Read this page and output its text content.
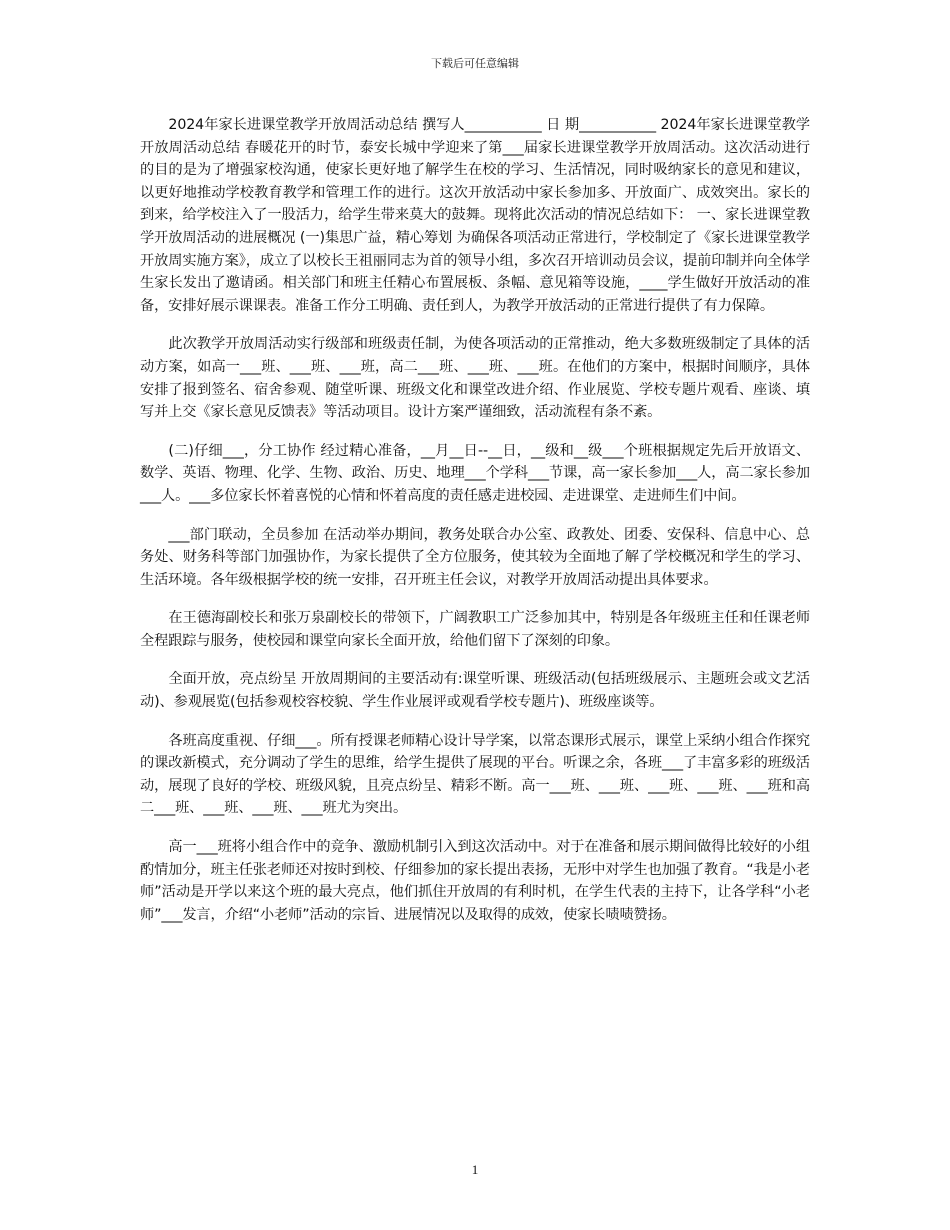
下载后可任意编辑

2024年家长进课堂教学开放周活动总结 撰写人___________ 日 期___________ 2024年家长进课堂教学开放周活动总结 春暖花开的时节，泰安长城中学迎来了第___届家长进课堂教学开放周活动。这次活动进行的目的是为了增强家校沟通，使家长更好地了解学生在校的学习、生活情况，同时吸纳家长的意见和建议，以更好地推动学校教育教学和管理工作的进行。这次开放活动中家长参加多、开放面广、成效突出。家长的到来，给学校注入了一股活力，给学生带来莫大的鼓舞。现将此次活动的情况总结如下： 一、家长进课堂教学开放周活动的进展概况 (一)集思广益，精心筹划 为确保各项活动正常进行，学校制定了《家长进课堂教学开放周实施方案》，成立了以校长王祖丽同志为首的领导小组，多次召开培训动员会议，提前印制并向全体学生家长发出了邀请函。相关部门和班主任精心布置展板、条幅、意见箱等设施，____学生做好开放活动的准备，安排好展示课课表。准备工作分工明确、责任到人，为教学开放活动的正常进行提供了有力保障。

此次教学开放周活动实行级部和班级责任制，为使各项活动的正常推动，绝大多数班级制定了具体的活动方案，如高一___班、___班、___班，高二___班、___班、___班。在他们的方案中，根据时间顺序，具体安排了报到签名、宿舍参观、随堂听课、班级文化和课堂改进介绍、作业展览、学校专题片观看、座谈、填写并上交《家长意见反馈表》等活动项目。设计方案严谨细致，活动流程有条不紊。

(二)仔细___，分工协作 经过精心准备，__月__日--__日，__级和__级___个班根据规定先后开放语文、数学、英语、物理、化学、生物、政治、历史、地理___个学科___节课，高一家长参加___人，高二家长参加___人。___多位家长怀着喜悦的心情和怀着高度的责任感走进校园、走进课堂、走进师生们中间。

___部门联动，全员参加 在活动举办期间，教务处联合办公室、政教处、团委、安保科、信息中心、总务处、财务科等部门加强协作，为家长提供了全方位服务，使其较为全面地了解了学校概况和学生的学习、生活环境。各年级根据学校的统一安排，召开班主任会议，对教学开放周活动提出具体要求。

在王德海副校长和张万泉副校长的带领下，广阔教职工广泛参加其中，特别是各年级班主任和任课老师全程跟踪与服务，使校园和课堂向家长全面开放，给他们留下了深刻的印象。

全面开放，亮点纷呈 开放周期间的主要活动有:课堂听课、班级活动(包括班级展示、主题班会或文艺活动)、参观展览(包括参观校容校貌、学生作业展评或观看学校专题片)、班级座谈等。

各班高度重视、仔细___。所有授课老师精心设计导学案，以常态课形式展示，课堂上采纳小组合作探究的课改新模式，充分调动了学生的思维，给学生提供了展现的平台。听课之余，各班___了丰富多彩的班级活动，展现了良好的学校、班级风貌，且亮点纷呈、精彩不断。高一___班、___班、___班、___班、___班和高二___班、___班、___班、___班尤为突出。

高一___班将小组合作中的竞争、激励机制引入到这次活动中。对于在准备和展示期间做得比较好的小组酌情加分，班主任张老师还对按时到校、仔细参加的家长提出表扬，无形中对学生也加强了教育。“我是小老师”活动是开学以来这个班的最大亮点，他们抓住开放周的有利时机，在学生代表的主持下，让各学科“小老师”___发言，介绍“小老师”活动的宗旨、进展情况以及取得的成效，使家长啧啧赞扬。

1
